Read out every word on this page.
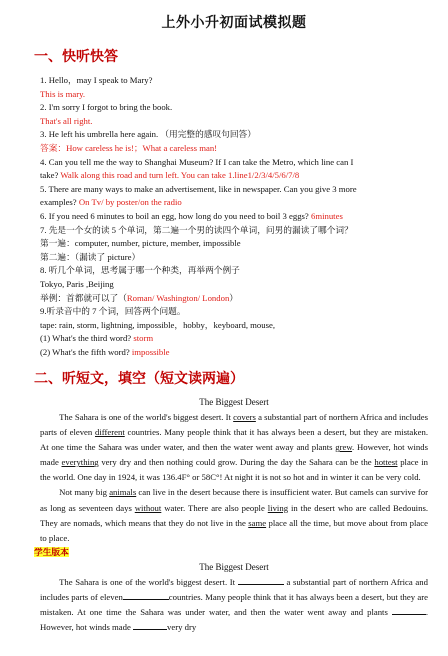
上外小升初面试模拟题
一、快听快答
1. Hello，may I speak to Mary?
This is mary.
2. I'm sorry I forgot to bring the book.
That's all right.
3. He left his umbrella here again. （用完整的感叹句回答）
答案：How careless he is!；What a careless man!
4. Can you tell me the way to Shanghai Museum? If I can take the Metro, which line can I
take? Walk along this road and turn left. You can take 1.line1/2/3/4/5/6/7/8
5. There are many ways to make an advertisement, like in newspaper. Can you give 3 more
examples? On Tv/ by poster/on the radio
6. If you need 6 minutes to boil an egg, how long do you need to boil 3 eggs? 6minutes
7. 先是一个女的读 5 个单词，第二遍一个男的读四个单词，问男的漏读了哪个词？
第一遍：computer, number, picture, member, impossible
第二遍：（漏读了 picture）
8. 听几个单词，思考属于哪一个种类，再举两个例子
Tokyo, Paris ,Beijing
举例：首都就可以了（Roman/ Washington/ London）
9.听录音中的 7 个词，回答两个问题。
tape: rain, storm, lightning, impossible，hobby，keyboard, mouse,
(1) What's the third word? storm
(2) What's the fifth word? impossible
二、听短文，填空（短文读两遍）
The Biggest Desert

The Sahara is one of the world's biggest desert. It covers a substantial part of northern Africa and includes parts of eleven different countries. Many people think that it has always been a desert, but they are mistaken. At one time the Sahara was under water, and then the water went away and plants grew. However, hot winds made everything very dry and then nothing could grow. During the day the Sahara can be the hottest place in the world. One day in 1924, it was 136.4F° or 58C°! At night it is not so hot and in winter it can be very cold.

Not many big animals can live in the desert because there is insufficient water. But camels can survive for as long as seventeen days without water. There are also people living in the desert who are called Bedouins. They are nomads, which means that they do not live in the same place all the time, but move about from place to place.

学生版本
The Biggest Desert

The Sahara is one of the world's biggest desert. It	a substantial part of northern Africa and includes parts of eleven	countries. Many people think that it has always been a desert, but they are mistaken. At one time the Sahara was under water, and then the water went away and plants	. However, hot winds made	very dry
